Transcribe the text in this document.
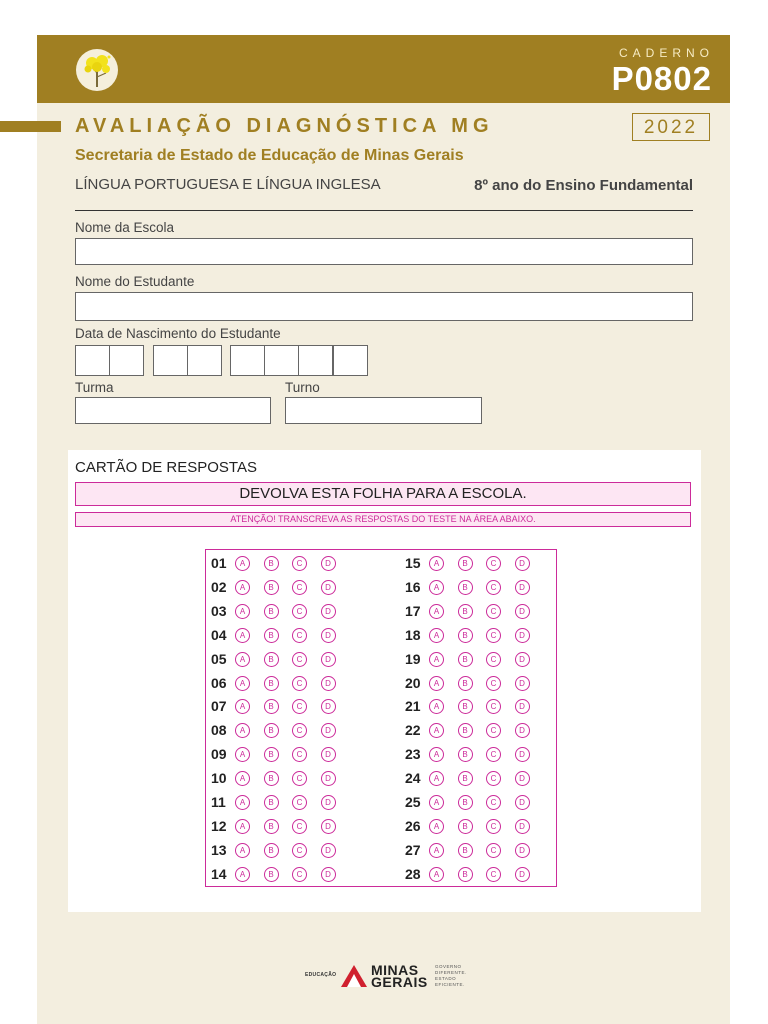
CADERNO
P0802
2022
AVALIAÇÃO DIAGNÓSTICA MG
Secretaria de Estado de Educação de Minas Gerais
LÍNGUA PORTUGUESA E LÍNGUA INGLESA	8º ano do Ensino Fundamental
Nome da Escola
Nome do Estudante
Data de Nascimento do Estudante
Turma	Turno
CARTÃO DE RESPOSTAS
DEVOLVA ESTA FOLHA PARA A ESCOLA.
ATENÇÃO! TRANSCREVA AS RESPOSTAS DO TESTE NA ÁREA ABAIXO.
01	A	B	C	D
02	A	B	C	D
03	A	B	C	D
04	A	B	C	D
05	A	B	C	D
06	A	B	C	D
07	A	B	C	D
08	A	B	C	D
09	A	B	C	D
10	A	B	C	D
11	A	B	C	D
12	A	B	C	D
13	A	B	C	D
14	A	B	C	D
15	A	B	C	D
16	A	B	C	D
17	A	B	C	D
18	A	B	C	D
19	A	B	C	D
20	A	B	C	D
21	A	B	C	D
22	A	B	C	D
23	A	B	C	D
24	A	B	C	D
25	A	B	C	D
26	A	B	C	D
27	A	B	C	D
28	A	B	C	D
EDUCAÇÃO MINAS
GERAIS
GOVERNO
DIFERENTE.
ESTADO
EFICIENTE.
